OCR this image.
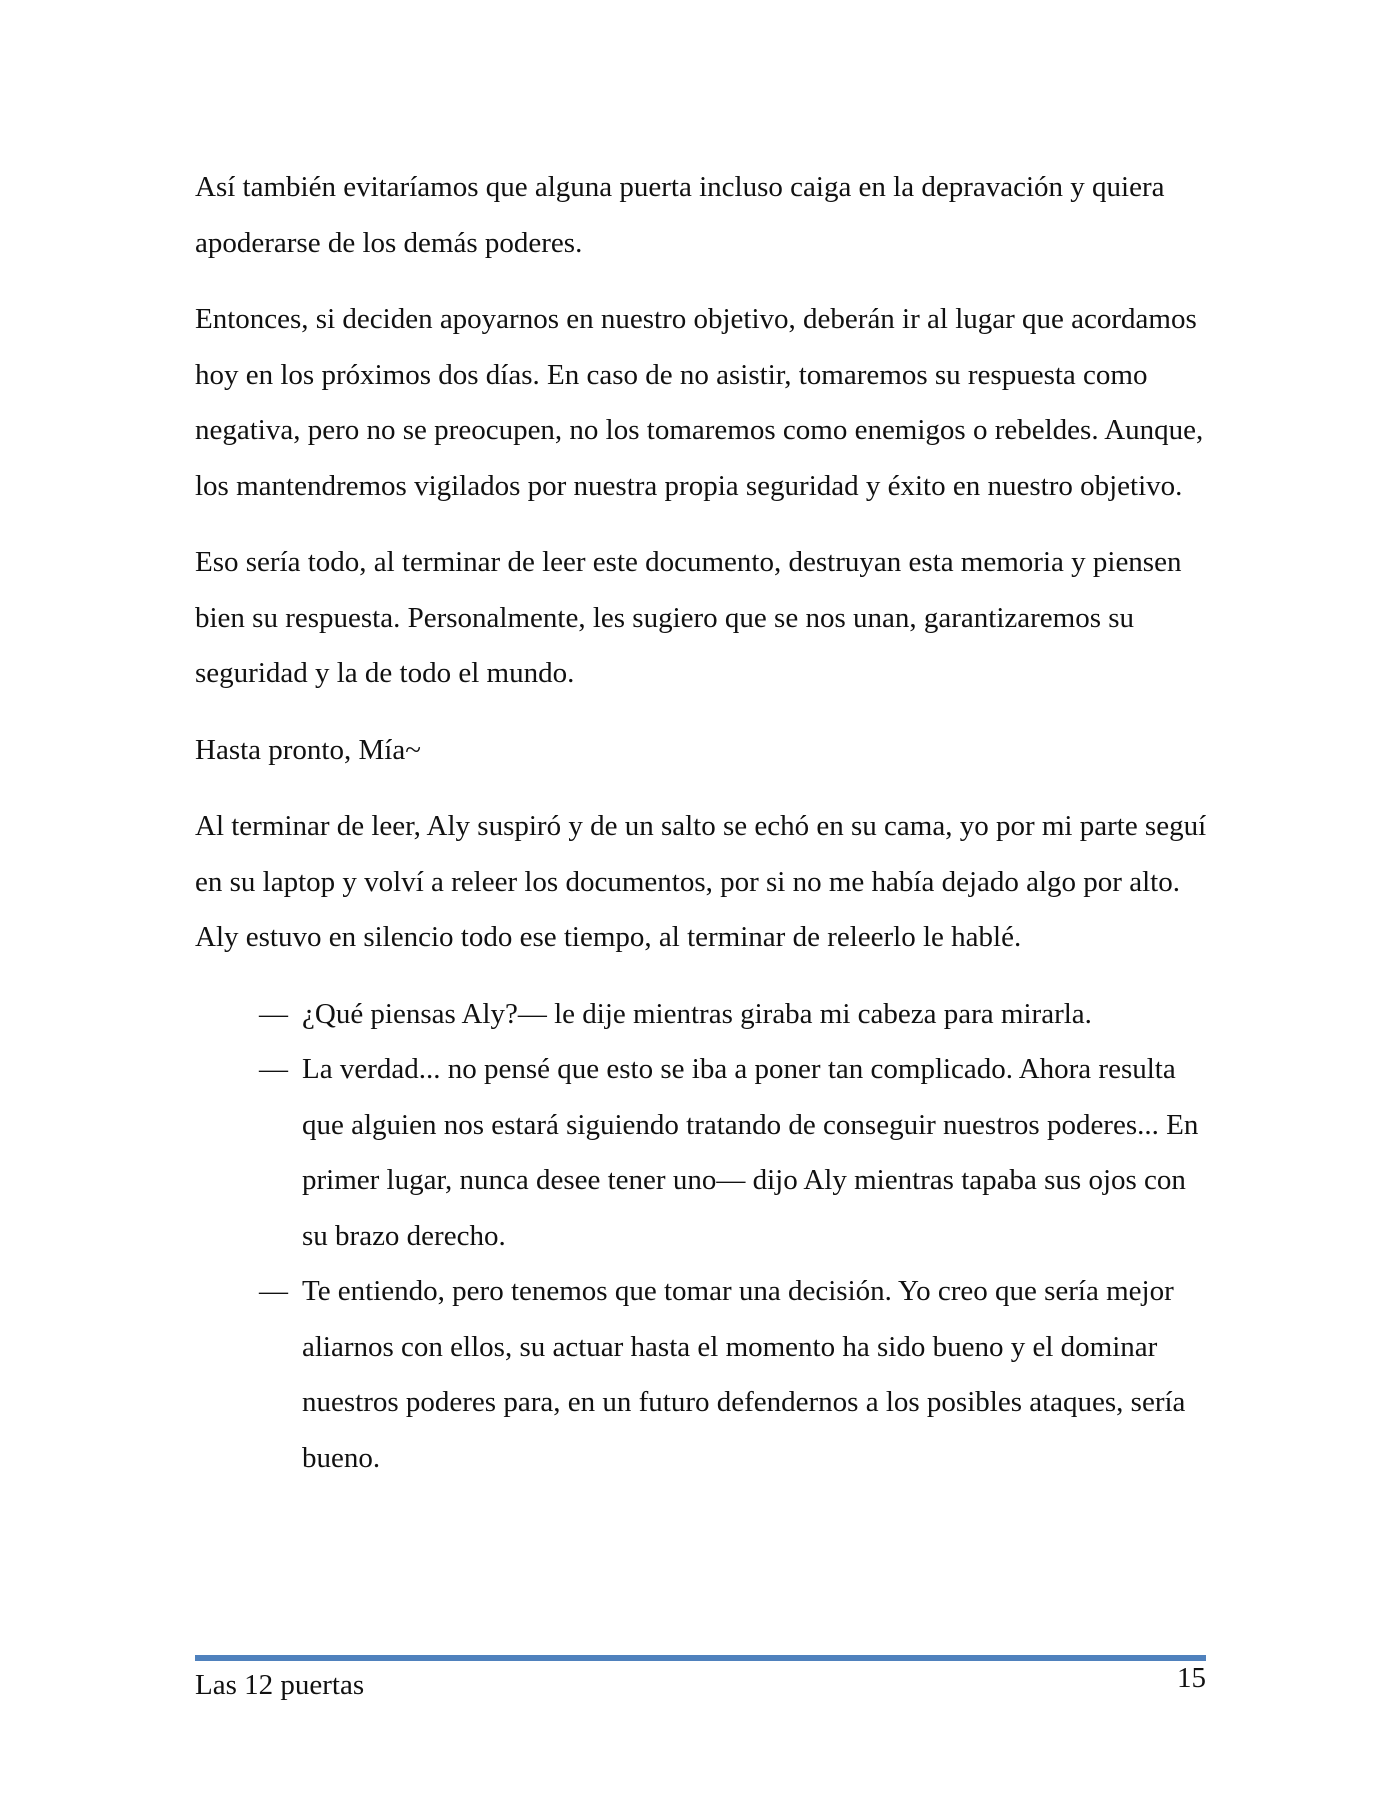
Así también evitaríamos que alguna puerta incluso caiga en la depravación y quiera apoderarse de los demás poderes.

Entonces, si deciden apoyarnos en nuestro objetivo, deberán ir al lugar que acordamos hoy en los próximos dos días. En caso de no asistir, tomaremos su respuesta como negativa, pero no se preocupen, no los tomaremos como enemigos o rebeldes. Aunque, los mantendremos vigilados por nuestra propia seguridad y éxito en nuestro objetivo.

Eso sería todo, al terminar de leer este documento, destruyan esta memoria y piensen bien su respuesta. Personalmente, les sugiero que se nos unan, garantizaremos su seguridad y la de todo el mundo.

Hasta pronto, Mía~

Al terminar de leer, Aly suspiró y de un salto se echó en su cama, yo por mi parte seguí en su laptop y volví a releer los documentos, por si no me había dejado algo por alto. Aly estuvo en silencio todo ese tiempo, al terminar de releerlo le hablé.

— ¿Qué piensas Aly?— le dije mientras giraba mi cabeza para mirarla.
— La verdad... no pensé que esto se iba a poner tan complicado. Ahora resulta que alguien nos estará siguiendo tratando de conseguir nuestros poderes... En primer lugar, nunca desee tener uno— dijo Aly mientras tapaba sus ojos con su brazo derecho.
— Te entiendo, pero tenemos que tomar una decisión. Yo creo que sería mejor aliarnos con ellos, su actuar hasta el momento ha sido bueno y el dominar nuestros poderes para, en un futuro defendernos a los posibles ataques, sería bueno.
Las 12 puertas	15
